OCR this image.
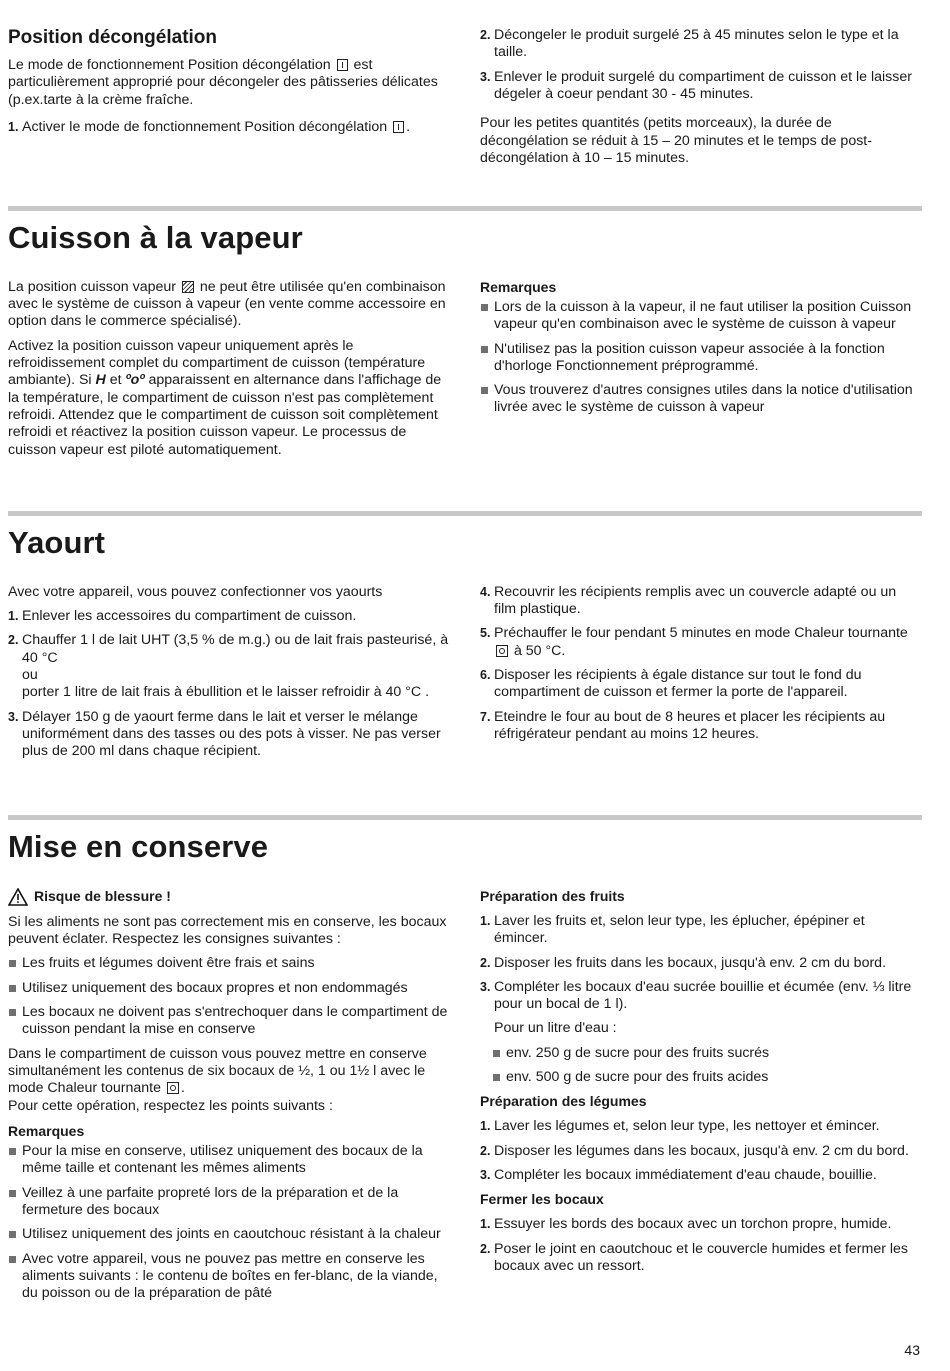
Position décongélation

Le mode de fonctionnement Position décongélation  est particulièrement approprié pour décongeler des pâtisseries délicates (p.ex.tarte à la crème fraîche.

1. Activer le mode de fonctionnement Position décongélation .
2. Décongeler le produit surgelé 25 à 45 minutes selon le type et la taille.
3. Enlever le produit surgelé du compartiment de cuisson et le laisser dégeler à coeur pendant 30 - 45 minutes.

Pour les petites quantités (petits morceaux), la durée de décongélation se réduit à 15 – 20 minutes et le temps de post-décongélation à 10 – 15 minutes.

Cuisson à la vapeur

La position cuisson vapeur  ne peut être utilisée qu'en combinaison avec le système de cuisson à vapeur (en vente comme accessoire en option dans le commerce spécialisé).

Activez la position cuisson vapeur uniquement après le refroidissement complet du compartiment de cuisson (température ambiante). Si H et ºoº apparaissent en alternance dans l'affichage de la température, le compartiment de cuisson n'est pas complètement refroidi. Attendez que le compartiment de cuisson soit complètement refroidi et réactivez la position cuisson vapeur. Le processus de cuisson vapeur est piloté automatiquement.

Remarques
Lors de la cuisson à la vapeur, il ne faut utiliser la position Cuisson vapeur qu'en combinaison avec le système de cuisson à vapeur
N'utilisez pas la position cuisson vapeur associée à la fonction d'horloge Fonctionnement préprogrammé.
Vous trouverez d'autres consignes utiles dans la notice d'utilisation livrée avec le système de cuisson à vapeur
Yaourt

Avec votre appareil, vous pouvez confectionner vos yaourts

1. Enlever les accessoires du compartiment de cuisson.
2. Chauffer 1 l de lait UHT (3,5 % de m.g.) ou de lait frais pasteurisé, à 40 °C
ou
porter 1 litre de lait frais à ébullition et le laisser refroidir à 40 °C .
3. Délayer 150 g de yaourt ferme dans le lait et verser le mélange uniformément dans des tasses ou des pots à visser. Ne pas verser plus de 200 ml dans chaque récipient.
4. Recouvrir les récipients remplis avec un couvercle adapté ou un film plastique.
5. Préchauffer le four pendant 5 minutes en mode Chaleur tournante  à 50 °C.
6. Disposer les récipients à égale distance sur tout le fond du compartiment de cuisson et fermer la porte de l'appareil.
7. Eteindre le four au bout de 8 heures et placer les récipients au réfrigérateur pendant au moins 12 heures.
Mise en conserve
Risque de blessure !

Si les aliments ne sont pas correctement mis en conserve, les bocaux peuvent éclater. Respectez les consignes suivantes :

Les fruits et légumes doivent être frais et sains
Utilisez uniquement des bocaux propres et non endommagés
Les bocaux ne doivent pas s'entrechoquer dans le compartiment de cuisson pendant la mise en conserve

Dans le compartiment de cuisson vous pouvez mettre en conserve simultanément les contenus de six bocaux de ½, 1 ou 1½ l avec le mode Chaleur tournante .
Pour cette opération, respectez les points suivants :

Remarques
Pour la mise en conserve, utilisez uniquement des bocaux de la même taille et contenant les mêmes aliments
Veillez à une parfaite propreté lors de la préparation et de la fermeture des bocaux
Utilisez uniquement des joints en caoutchouc résistant à la chaleur
Avec votre appareil, vous ne pouvez pas mettre en conserve les aliments suivants : le contenu de boîtes en fer-blanc, de la viande, du poisson ou de la préparation de pâté
Préparation des fruits
1. Laver les fruits et, selon leur type, les éplucher, épépiner et émincer.
2. Disposer les fruits dans les bocaux, jusqu'à env. 2 cm du bord.
3. Compléter les bocaux d'eau sucrée bouillie et écumée (env. ⅓ litre pour un bocal de 1 l).

Pour un litre d'eau :

env. 250 g de sucre pour des fruits sucrés
env. 500 g de sucre pour des fruits acides
Préparation des légumes
1. Laver les légumes et, selon leur type, les nettoyer et émincer.
2. Disposer les légumes dans les bocaux, jusqu'à env. 2 cm du bord.
3. Compléter les bocaux immédiatement d'eau chaude, bouillie.
Fermer les bocaux
1. Essuyer les bords des bocaux avec un torchon propre, humide.
2. Poser le joint en caoutchouc et le couvercle humides et fermer les bocaux avec un ressort.
43
